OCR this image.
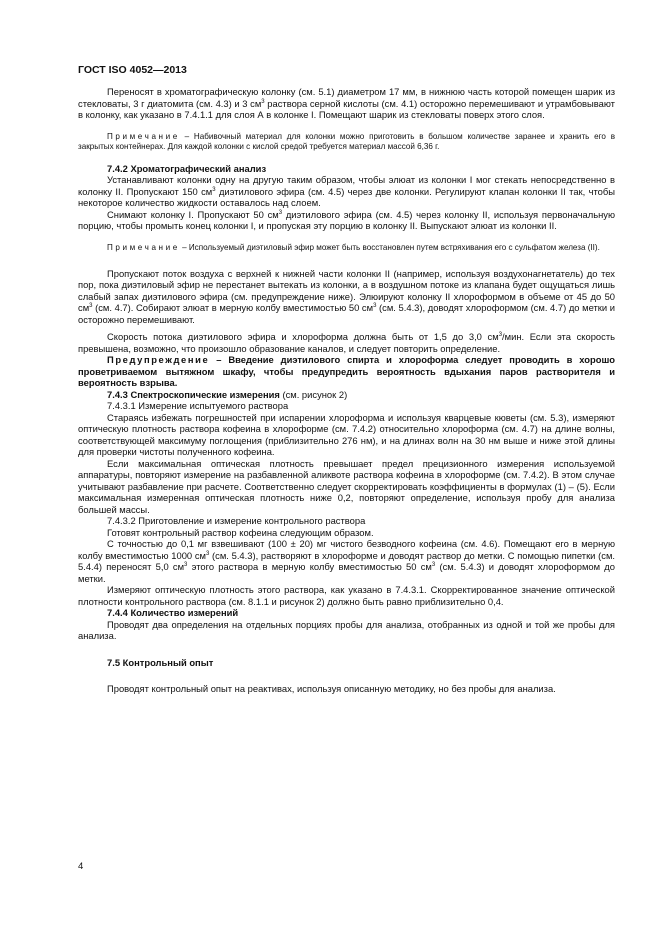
ГОСТ ISO 4052—2013

Переносят в хроматографическую колонку (см. 5.1) диаметром 17 мм, в нижнюю часть которой помещен шарик из стекловаты, 3 г диатомита (см. 4.3) и 3 $см^3$ раствора серной кислоты (см. 4.1) осторожно перемешивают и утрамбовывают в колонку, как указано в 7.4.1.1 для слоя А в колонке I. Помещают шарик из стекловаты поверх этого слоя.

Примечание – Набивочный материал для колонки можно приготовить в большом количестве заранее и хранить его в закрытых контейнерах. Для каждой колонки с кислой средой требуется материал массой 6,36 г.

7.4.2 Хроматографический анализ

Устанавливают колонки одну на другую таким образом, чтобы элюат из колонки I мог стекать непосредственно в колонку II. Пропускают 150 $см^3$ диэтилового эфира (см. 4.5) через две колонки. Регулируют клапан колонки II так, чтобы некоторое количество жидкости оставалось над слоем.

Снимают колонку I. Пропускают 50 $см^3$ диэтилового эфира (см. 4.5) через колонку II, используя первоначальную порцию, чтобы промыть конец колонки I, и пропуская эту порцию в колонку II. Выпускают элюат из колонки II.

Примечание – Используемый диэтиловый эфир может быть восстановлен путем встряхивания его с сульфатом железа (II).

Пропускают поток воздуха с верхней к нижней части колонки II (например, используя воздухонагнетатель) до тех пор, пока диэтиловый эфир не перестанет вытекать из колонки, а в воздушном потоке из клапана будет ощущаться лишь слабый запах диэтилового эфира (см. предупреждение ниже). Элюируют колонку II хлороформом в объеме от 45 до 50 $см^3$ (см. 4.7). Собирают элюат в мерную колбу вместимостью 50 $см^3$ (см. 5.4.3), доводят хлороформом (см. 4.7) до метки и осторожно перемешивают.

Скорость потока диэтилового эфира и хлороформа должна быть от 1,5 до 3,0 $см^3$/мин. Если эта скорость превышена, возможно, что произошло образование каналов, и следует повторить определение.

Предупреждение – Введение диэтилового спирта и хлороформа следует проводить в хорошо проветриваемом вытяжном шкафу, чтобы предупредить вероятность вдыхания паров растворителя и вероятность взрыва.

7.4.3 Спектроскопические измерения (см. рисунок 2)

7.4.3.1 Измерение испытуемого раствора

Стараясь избежать погрешностей при испарении хлороформа и используя кварцевые кюветы (см. 5.3), измеряют оптическую плотность раствора кофеина в хлороформе (см. 7.4.2) относительно хлороформа (см. 4.7) на длине волны, соответствующей максимуму поглощения (приблизительно 276 нм), и на длинах волн на 30 нм выше и ниже этой длины для проверки чистоты полученного кофеина.

Если максимальная оптическая плотность превышает предел прецизионного измерения используемой аппаратуры, повторяют измерение на разбавленной аликвоте раствора кофеина в хлороформе (см. 7.4.2). В этом случае учитывают разбавление при расчете. Соответственно следует скорректировать коэффициенты в формулах (1) – (5). Если максимальная измеренная оптическая плотность ниже 0,2, повторяют определение, используя пробу для анализа большей массы.

7.4.3.2 Приготовление и измерение контрольного раствора

Готовят контрольный раствор кофеина следующим образом.

С точностью до 0,1 мг взвешивают (100 ± 20) мг чистого безводного кофеина (см. 4.6). Помещают его в мерную колбу вместимостью 1000 $см^3$ (см. 5.4.3), растворяют в хлороформе и доводят раствор до метки. С помощью пипетки (см. 5.4.4) переносят 5,0 $см^3$ этого раствора в мерную колбу вместимостью 50 $см^3$ (см. 5.4.3) и доводят хлороформом до метки.

Измеряют оптическую плотность этого раствора, как указано в 7.4.3.1. Скорректированное значение оптической плотности контрольного раствора (см. 8.1.1 и рисунок 2) должно быть равно приблизительно 0,4.

7.4.4 Количество измерений

Проводят два определения на отдельных порциях пробы для анализа, отобранных из одной и той же пробы для анализа.

7.5 Контрольный опыт

Проводят контрольный опыт на реактивах, используя описанную методику, но без пробы для анализа.

4
